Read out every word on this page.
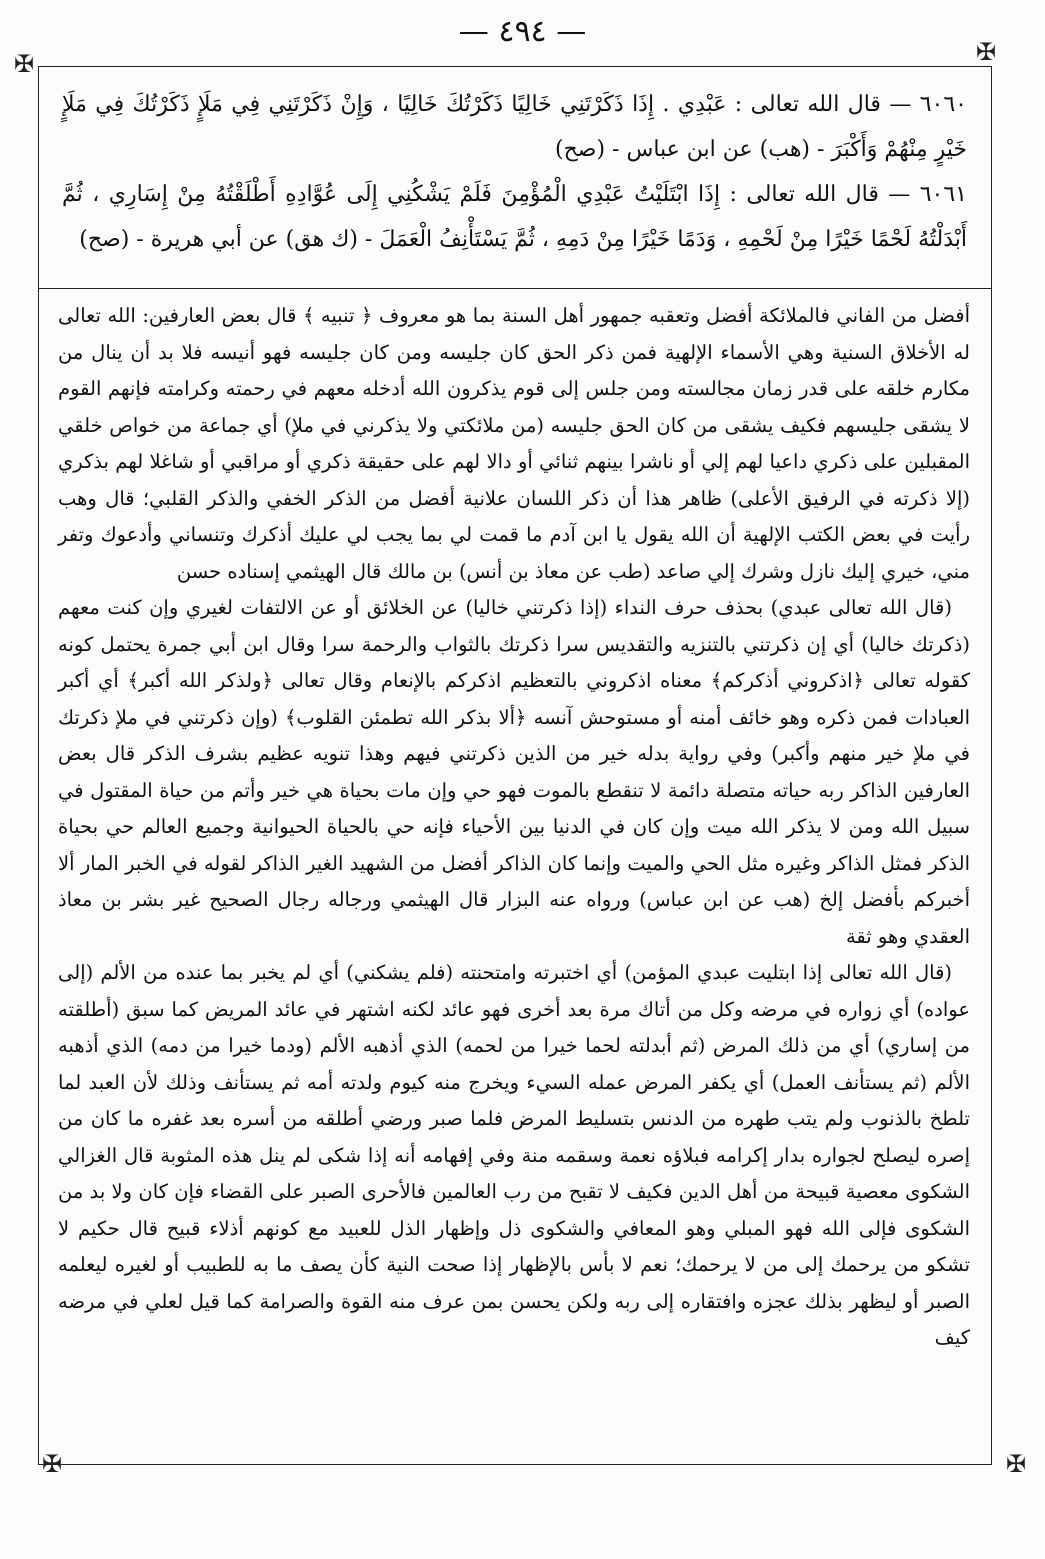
— ٤٩٤ —
✠	✠
✠	✠

٦٠٦٠ — قال الله تعالى : عَبْدِي . إِذَا ذَكَرْتَنِي خَالِيًا ذَكَرْتُكَ خَالِيًا ، وَإِنْ ذَكَرْتَنِي فِي مَلَإٍ ذَكَرْتُكَ فِي مَلَإٍ خَيْرٍ مِنْهُمْ وَأَكْبَرَ - (هب) عن ابن عباس - (صح)

٦٠٦١ — قال الله تعالى : إِذَا ابْتَلَيْتُ عَبْدِي الْمُؤْمِنَ فَلَمْ يَشْكُنِي إِلَى عُوَّادِهِ أَطْلَقْتُهُ مِنْ إِسَارِي ، ثُمَّ أَبْدَلْتُهُ لَحْمًا خَيْرًا مِنْ لَحْمِهِ ، وَدَمًا خَيْرًا مِنْ دَمِهِ ، ثُمَّ يَسْتَأْنِفُ الْعَمَلَ - (ك هق) عن أبي هريرة - (صح)

أفضل من الفاني فالملائكة أفضل وتعقبه جمهور أهل السنة بما هو معروف ﴿ تنبيه ﴾ قال بعض العارفين: الله تعالى له الأخلاق السنية وهي الأسماء الإلهية فمن ذكر الحق كان جليسه ومن كان جليسه فهو أنيسه فلا بد أن ينال من مكارم خلقه على قدر زمان مجالسته ومن جلس إلى قوم يذكرون الله أدخله معهم في رحمته وكرامته فإنهم القوم لا يشقى جليسهم فكيف يشقى من كان الحق جليسه (من ملائكتي ولا يذكرني في ملإ) أي جماعة من خواص خلقي المقبلين على ذكري داعيا لهم إلي أو ناشرا بينهم ثنائي أو دالا لهم على حقيقة ذكري أو مراقبي أو شاغلا لهم بذكري (إلا ذكرته في الرفيق الأعلى) ظاهر هذا أن ذكر اللسان علانية أفضل من الذكر الخفي والذكر القلبي؛ قال وهب رأيت في بعض الكتب الإلهية أن الله يقول يا ابن آدم ما قمت لي بما يجب لي عليك أذكرك وتنساني وأدعوك وتفر مني، خيري إليك نازل وشرك إلي صاعد (طب عن معاذ بن أنس) بن مالك قال الهيثمي إسناده حسن

(قال الله تعالى عبدي) بحذف حرف النداء (إذا ذكرتني خاليا) عن الخلائق أو عن الالتفات لغيري وإن كنت معهم (ذكرتك خاليا) أي إن ذكرتني بالتنزيه والتقديس سرا ذكرتك بالثواب والرحمة سرا وقال ابن أبي جمرة يحتمل كونه كقوله تعالى ﴿اذكروني أذكركم﴾ معناه اذكروني بالتعظيم اذكركم بالإنعام وقال تعالى ﴿ولذكر الله أكبر﴾ أي أكبر العبادات فمن ذكره وهو خائف أمنه أو مستوحش آنسه ﴿ألا بذكر الله تطمئن القلوب﴾ (وإن ذكرتني في ملإ ذكرتك في ملإ خير منهم وأكبر) وفي رواية بدله خير من الذين ذكرتني فيهم وهذا تنويه عظيم بشرف الذكر قال بعض العارفين الذاكر ربه حياته متصلة دائمة لا تنقطع بالموت فهو حي وإن مات بحياة هي خير وأتم من حياة المقتول في سبيل الله ومن لا يذكر الله ميت وإن كان في الدنيا بين الأحياء فإنه حي بالحياة الحيوانية وجميع العالم حي بحياة الذكر فمثل الذاكر وغيره مثل الحي والميت وإنما كان الذاكر أفضل من الشهيد الغير الذاكر لقوله في الخبر المار ألا أخبركم بأفضل إلخ (هب عن ابن عباس) ورواه عنه البزار قال الهيثمي ورجاله رجال الصحيح غير بشر بن معاذ العقدي وهو ثقة

(قال الله تعالى إذا ابتليت عبدي المؤمن) أي اختبرته وامتحنته (فلم يشكني) أي لم يخبر بما عنده من الألم (إلى عواده) أي زواره في مرضه وكل من أتاك مرة بعد أخرى فهو عائد لكنه اشتهر في عائد المريض كما سبق (أطلقته من إساري) أي من ذلك المرض (ثم أبدلته لحما خيرا من لحمه) الذي أذهبه الألم (ودما خيرا من دمه) الذي أذهبه الألم (ثم يستأنف العمل) أي يكفر المرض عمله السيء ويخرج منه كيوم ولدته أمه ثم يستأنف وذلك لأن العبد لما تلطخ بالذنوب ولم يتب طهره من الدنس بتسليط المرض فلما صبر ورضي أطلقه من أسره بعد غفره ما كان من إصره ليصلح لجواره بدار إكرامه فبلاؤه نعمة وسقمه منة وفي إفهامه أنه إذا شكى لم ينل هذه المثوبة قال الغزالي الشكوى معصية قبيحة من أهل الدين فكيف لا تقبح من رب العالمين فالأحرى الصبر على القضاء فإن كان ولا بد من الشكوى فإلى الله فهو المبلي وهو المعافي والشكوى ذل وإظهار الذل للعبيد مع كونهم أذلاء قبيح قال حكيم لا تشكو من يرحمك إلى من لا يرحمك؛ نعم لا بأس بالإظهار إذا صحت النية كأن يصف ما به للطبيب أو لغيره ليعلمه الصبر أو ليظهر بذلك عجزه وافتقاره إلى ربه ولكن يحسن بمن عرف منه القوة والصرامة كما قيل لعلي في مرضه كيف
